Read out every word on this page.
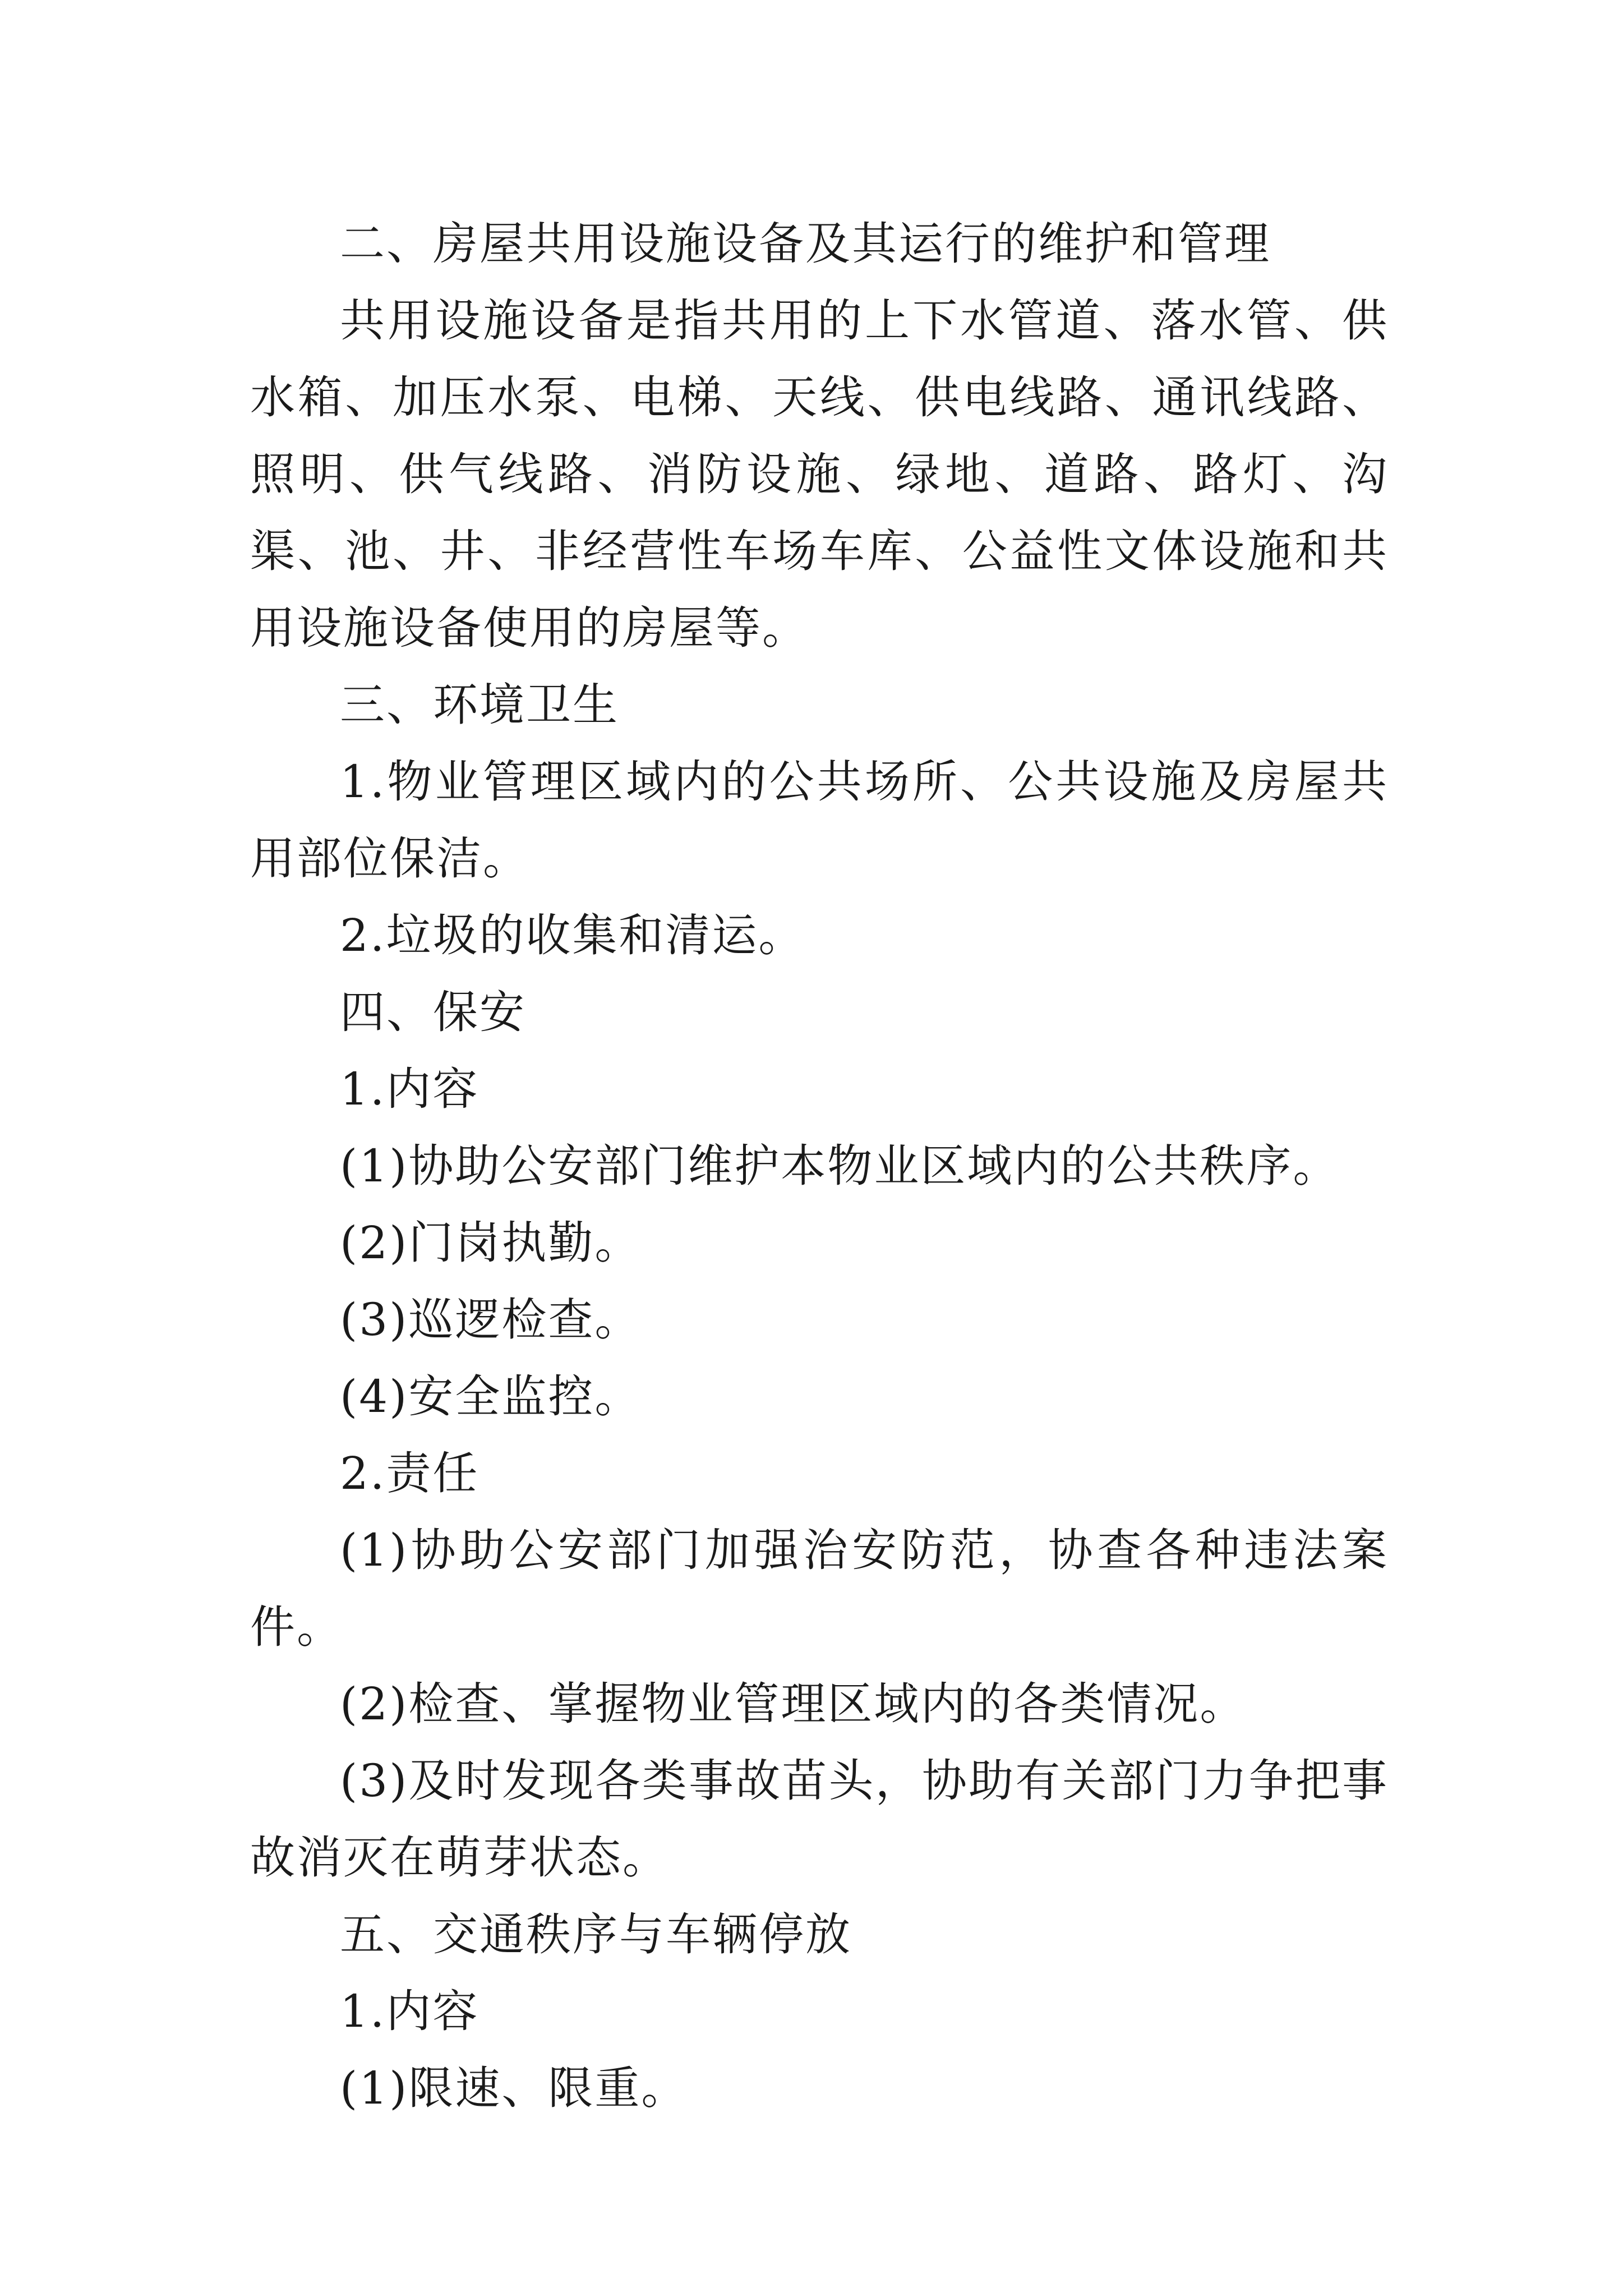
二、房屋共用设施设备及其运行的维护和管理

共用设施设备是指共用的上下水管道、落水管、供水箱、加压水泵、电梯、天线、供电线路、通讯线路、照明、供气线路、消防设施、绿地、道路、路灯、沟渠、池、井、非经营性车场车库、公益性文体设施和共用设施设备使用的房屋等。

三、环境卫生

1.物业管理区域内的公共场所、公共设施及房屋共用部位保洁。

2.垃圾的收集和清运。

四、保安

1.内容

(1)协助公安部门维护本物业区域内的公共秩序。

(2)门岗执勤。

(3)巡逻检查。

(4)安全监控。

2.责任

(1)协助公安部门加强治安防范，协查各种违法案件。

(2)检查、掌握物业管理区域内的各类情况。

(3)及时发现各类事故苗头，协助有关部门力争把事故消灭在萌芽状态。

五、交通秩序与车辆停放

1.内容

(1)限速、限重。
